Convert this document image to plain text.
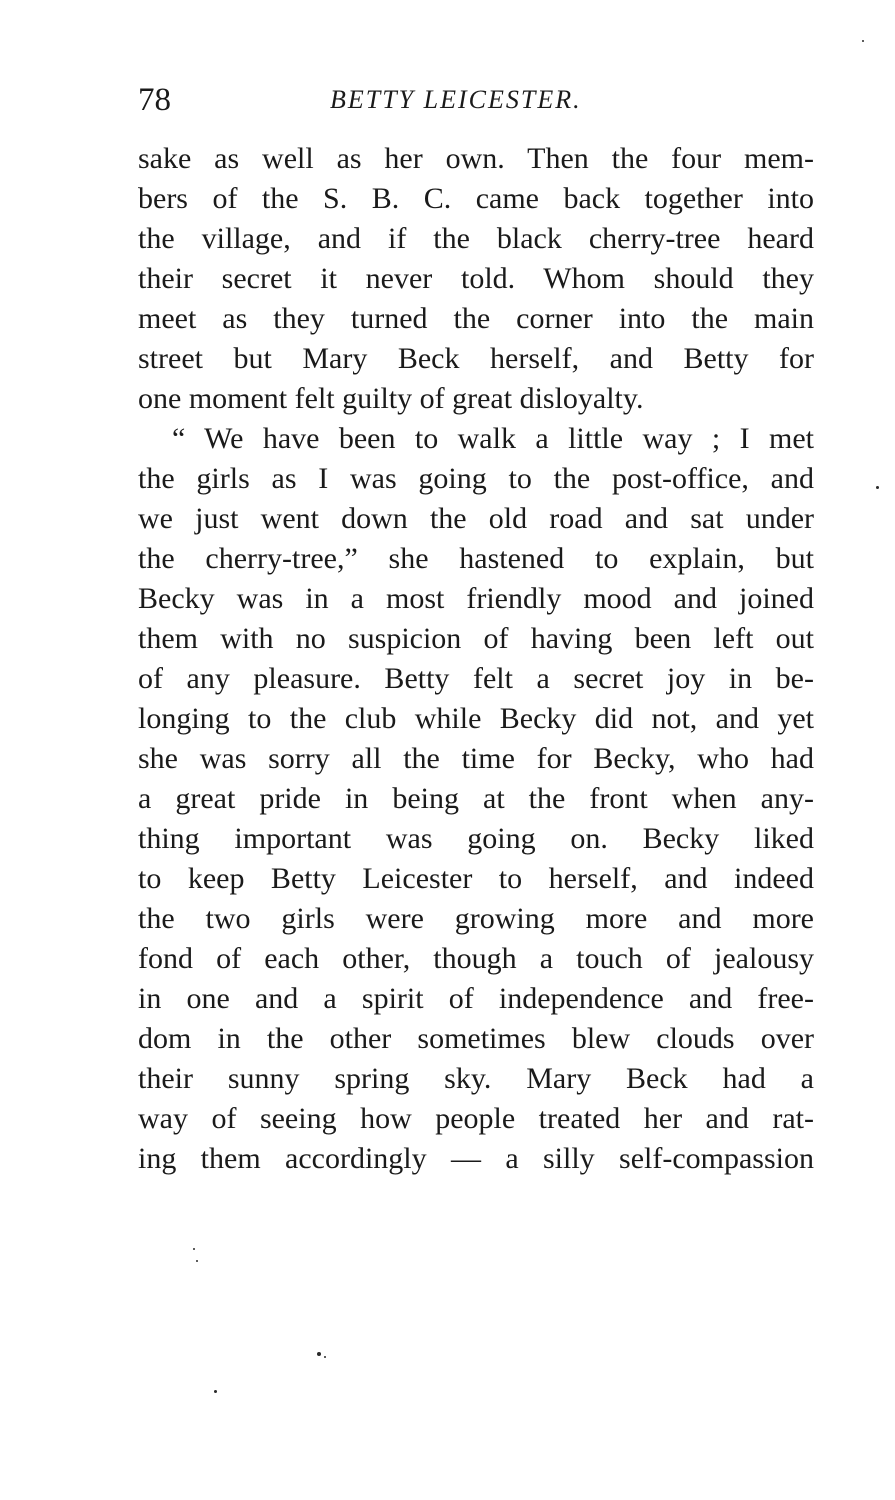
78	BETTY LEICESTER.
sake as well as her own. Then the four mem-
bers of the S. B. C. came back together into
the village, and if the black cherry-tree heard
their secret it never told. Whom should they
meet as they turned the corner into the main
street but Mary Beck herself, and Betty for
one moment felt guilty of great disloyalty.
“ We have been to walk a little way ; I met
the girls as I was going to the post-office, and
we just went down the old road and sat under
the cherry-tree,” she hastened to explain, but
Becky was in a most friendly mood and joined
them with no suspicion of having been left out
of any pleasure. Betty felt a secret joy in be-
longing to the club while Becky did not, and yet
she was sorry all the time for Becky, who had
a great pride in being at the front when any-
thing important was going on. Becky liked
to keep Betty Leicester to herself, and indeed
the two girls were growing more and more
fond of each other, though a touch of jealousy
in one and a spirit of independence and free-
dom in the other sometimes blew clouds over
their sunny spring sky. Mary Beck had a
way of seeing how people treated her and rat-
ing them accordingly — a silly self-compassion
